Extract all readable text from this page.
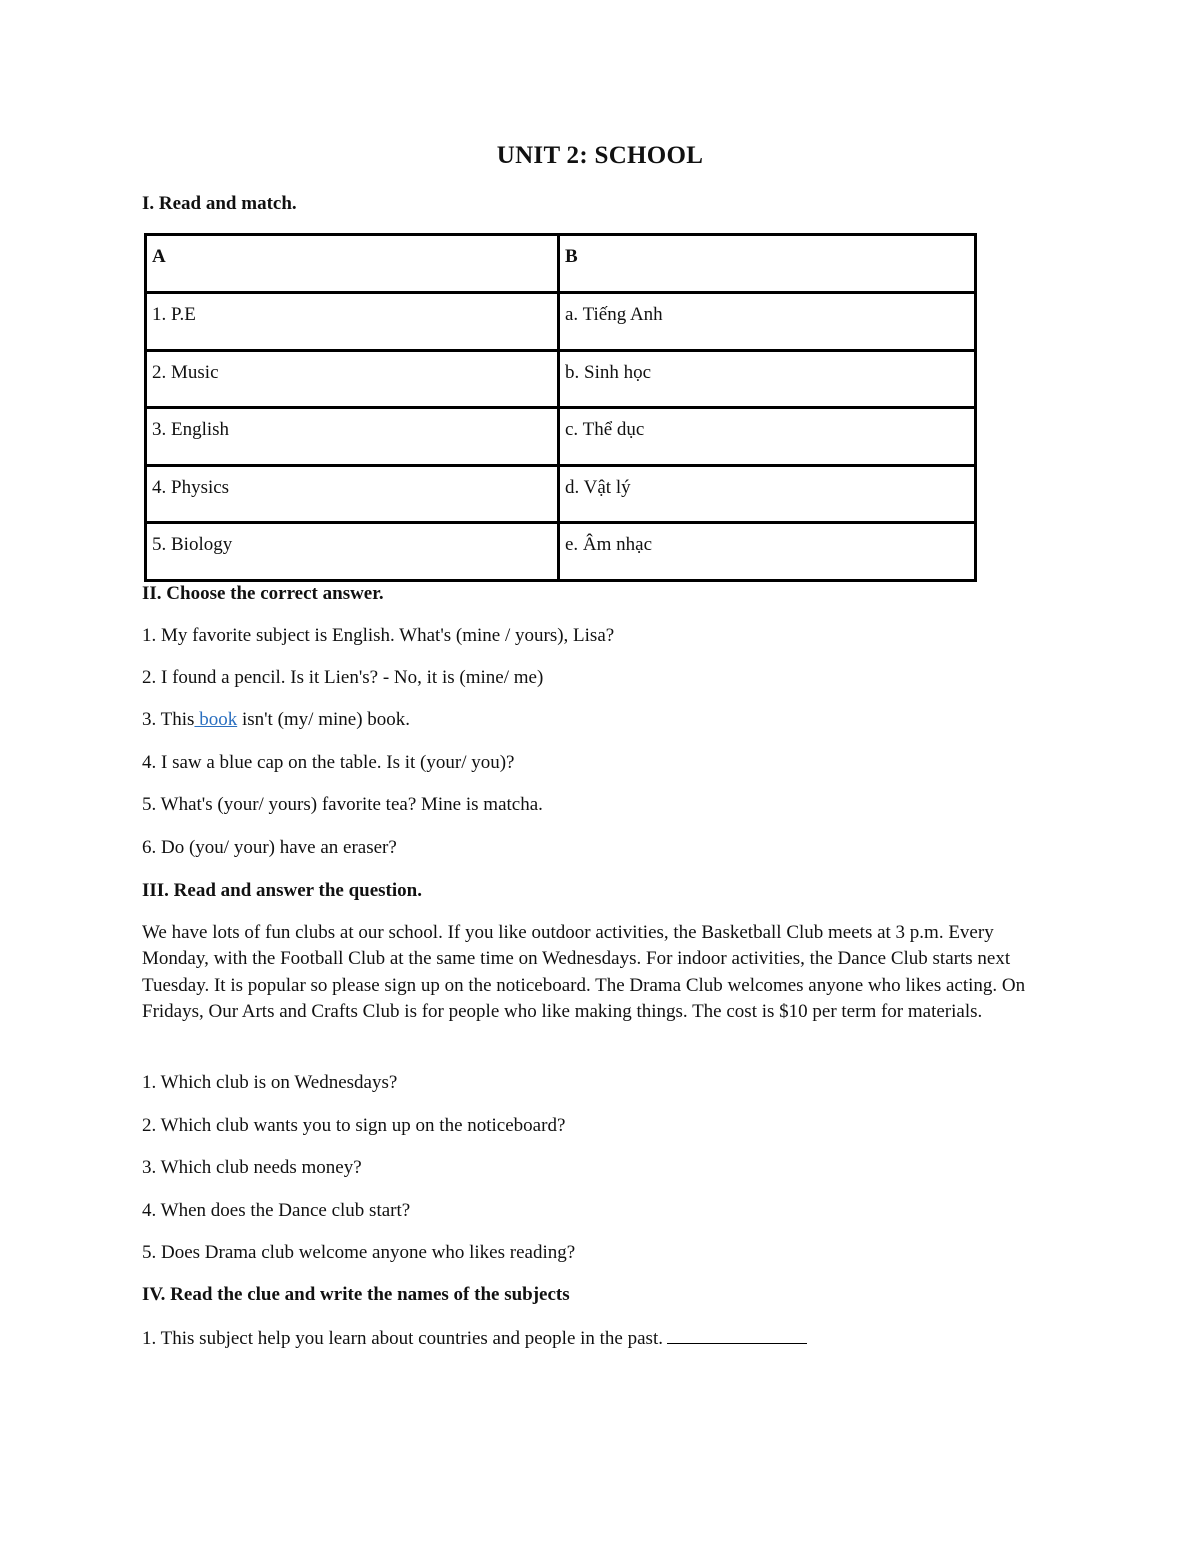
UNIT 2: SCHOOL
I. Read and match.
A	B
1. P.E	a. Tiếng Anh
2. Music	b. Sinh học
3. English	c. Thể dục
4. Physics	d. Vật lý
5. Biology	e. Âm nhạc
II. Choose the correct answer.
1. My favorite subject is English. What's (mine / yours), Lisa?
2. I found a pencil. Is it Lien's? - No, it is (mine/ me)
3. This book isn't (my/ mine) book.
4. I saw a blue cap on the table. Is it (your/ you)?
5. What's (your/ yours) favorite tea? Mine is matcha.
6. Do (you/ your) have an eraser?
III. Read and answer the question.
We have lots of fun clubs at our school. If you like outdoor activities, the Basketball Club meets at 3 p.m. Every Monday, with the Football Club at the same time on Wednesdays. For indoor activities, the Dance Club starts next Tuesday. It is popular so please sign up on the noticeboard. The Drama Club welcomes anyone who likes acting. On Fridays, Our Arts and Crafts Club is for people who like making things. The cost is $10 per term for materials.
1. Which club is on Wednesdays?
2. Which club wants you to sign up on the noticeboard?
3. Which club needs money?
4. When does the Dance club start?
5. Does Drama club welcome anyone who likes reading?
IV. Read the clue and write the names of the subjects
1. This subject help you learn about countries and people in the past.
